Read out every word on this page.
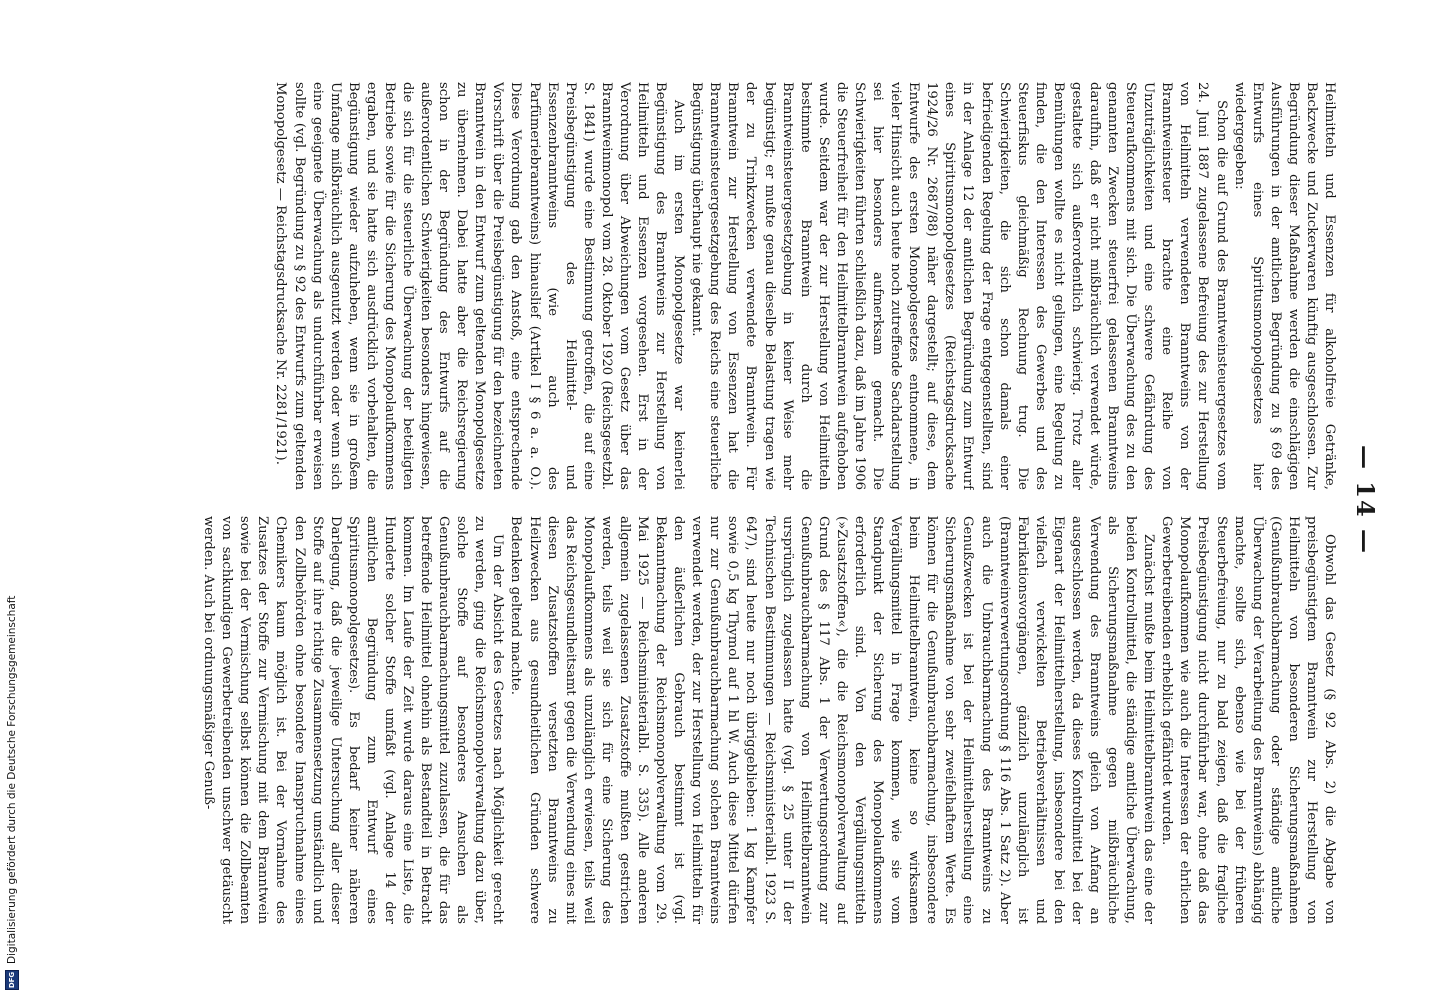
DFG
Digitalisierung gefördert durch die Deutsche Forschungsgemeinschaft
— 14 —

Heilmitteln und Essenzen für alkoholfreie Getränke, Backzwecke und Zuckerwaren künftig ausgeschlossen. Zur Begründung dieser Maßnahme werden die einschlägigen Ausführungen in der amtlichen Begründung zu § 69 des Entwurfs eines Spiritusmonopolgesetzes hier wiedergegeben:

Schon die auf Grund des Branntweinsteuergesetzes vom 24. Juni 1887 zugelassene Befreiung des zur Herstellung von Heilmitteln verwendeten Branntweins von der Branntweinsteuer brachte eine Reihe von Unzuträglichkeiten und eine schwere Gefährdung des Steueraufkommens mit sich. Die Überwachung des zu den genannten Zwecken steuerfrei gelassenen Branntweins daraufhin, daß er nicht mißbräuchlich verwendet würde, gestaltete sich außerordentlich schwierig. Trotz aller Bemühungen wollte es nicht gelingen, eine Regelung zu finden, die den Interessen des Gewerbes und des Steuerfiskus gleichmäßig Rechnung trug. Die Schwierigkeiten, die sich schon damals einer befriedigenden Regelung der Frage entgegenstellten, sind in der Anlage 12 der amtlichen Begründung zum Entwurf eines Spiritusmonopolgesetzes (Reichstagsdrucksache 1924/26 Nr. 2687/88) näher dargestellt; auf diese, dem Entwurfe des ersten Monopolgesetzes entnommene, in vieler Hinsicht auch heute noch zutreffende Sachdarstellung sei hier besonders aufmerksam gemacht. Die Schwierigkeiten führten schließlich dazu, daß im Jahre 1906 die Steuerfreiheit für den Heilmittelbranntwein aufgehoben wurde. Seitdem war der zur Herstellung von Heilmitteln bestimmte Branntwein durch die Branntweinsteuergesetzgebung in keiner Weise mehr begünstigt; er mußte genau dieselbe Belastung tragen wie der zu Trinkzwecken verwendete Branntwein. Für Branntwein zur Herstellung von Essenzen hat die Branntweinsteuergesetzgebung des Reichs eine steuerliche Begünstigung überhaupt nie gekannt.

Auch im ersten Monopolgesetze war keinerlei Begünstigung des Branntweins zur Herstellung von Heilmitteln und Essenzen vorgesehen. Erst in der Verordnung über Abweichungen vom Gesetz über das Branntweinmonopol vom 28. Oktober 1920 (Reichsgesetzbl. S. 1841) wurde eine Bestimmung getroffen, die auf eine Preisbegünstigung des Heilmittel- und Essenzenbranntweins (wie auch des Parfümeriebranntweins) hinauslief (Artikel I § 6 a. a. O.). Diese Verordnung gab den Anstoß, eine entsprechende Vorschrift über die Preisbegünstigung für den bezeichneten Branntwein in den Entwurf zum geltenden Monopolgesetze zu übernehmen. Dabei hatte aber die Reichsregierung schon in der Begründung des Entwurfs auf die außerordentlichen Schwierigkeiten besonders hingewiesen, die sich für die steuerliche Überwachung der beteiligten Betriebe sowie für die Sicherung des Monopolaufkommens ergaben, und sie hatte sich ausdrücklich vorbehalten, die Begünstigung wieder aufzuheben, wenn sie in großem Umfange mißbräuchlich ausgenutzt werden oder wenn sich eine geeignete Überwachung als undurchführbar erweisen sollte (vgl. Begründung zu § 92 des Entwurfs zum geltenden Monopolgesetz — Reichstagsdrucksache Nr. 2281/1921).

Obwohl das Gesetz (§ 92 Abs. 2) die Abgabe von preisbegünstigtem Branntwein zur Herstellung von Heilmitteln von besonderen Sicherungsmaßnahmen (Genußunbrauchbarmachung oder ständige amtliche Überwachung der Verarbeitung des Branntweins) abhängig machte, sollte sich, ebenso wie bei der früheren Steuerbefreiung, nur zu bald zeigen, daß die fragliche Preisbegünstigung nicht durchführbar war, ohne daß das Monopolaufkommen wie auch die Interessen der ehrlichen Gewerbetreibenden erheblich gefährdet wurden.

Zunächst mußte beim Heilmittelbranntwein das eine der beiden Kontrollmittel, die ständige amtliche Überwachung, als Sicherungsmaßnahme gegen mißbräuchliche Verwendung des Branntweins gleich von Anfang an ausgeschlossen werden, da dieses Kontrollmittel bei der Eigenart der Heilmittelherstellung, insbesondere bei den vielfach verwickelten Betriebsverhältnissen und Fabrikationsvorgängen, gänzlich unzulänglich ist (Branntweinverwertungsordnung § 116 Abs. 1 Satz 2). Aber auch die Unbrauchbarmachung des Branntweins zu Genußzwecken ist bei der Heilmittelherstellung eine Sicherungsmaßnahme von sehr zweifelhaftem Werte. Es können für die Genußunbrauchbarmachung, insbesondere beim Heilmittelbranntwein, keine so wirksamen Vergällungsmittel in Frage kommen, wie sie vom Standpunkt der Sicherung des Monopolaufkommens erforderlich sind. Von den Vergällungsmitteln (»Zusatzstoffen«), die die Reichsmonopolverwaltung auf Grund des § 117 Abs. 1 der Verwertungsordnung zur Genußunbrauchbarmachung von Heilmittelbranntwein ursprünglich zugelassen hatte (vgl. § 25 unter II der Technischen Bestimmungen — Reichsministerialbl. 1923 S. 647), sind heute nur noch übriggeblieben: 1 kg Kampfer sowie 0,5 kg Thymol auf 1 hl W. Auch diese Mittel dürfen nur zur Genußunbrauchbarmachung solchen Branntweins verwendet werden, der zur Herstellung von Heilmitteln für den äußerlichen Gebrauch bestimmt ist (vgl. Bekanntmachung der Reichsmonopolverwaltung vom 29. Mai 1925 — Reichsministerialbl. S. 335). Alle anderen allgemein zugelassenen Zusatzstoffe mußten gestrichen werden, teils weil sie sich für eine Sicherung des Monopolaufkommens als unzulänglich erwiesen, teils weil das Reichsgesundheitsamt gegen die Verwendung eines mit diesen Zusatzstoffen versetzten Branntweins zu Heilzwecken aus gesundheitlichen Gründen schwere Bedenken geltend machte.

Um der Absicht des Gesetzes nach Möglichkeit gerecht zu werden, ging die Reichsmonopolverwaltung dazu über, solche Stoffe auf besonderes Ansuchen als Genußunbrauchbarmachungsmittel zuzulassen, die für das betreffende Heilmittel ohnehin als Bestandteil in Betracht kommen. Im Laufe der Zeit wurde daraus eine Liste, die Hunderte solcher Stoffe umfaßt (vgl. Anlage 14 der amtlichen Begründung zum Entwurf eines Spiritusmonopolgesetzes). Es bedarf keiner näheren Darlegung, daß die jeweilige Untersuchung aller dieser Stoffe auf ihre richtige Zusammensetzung umständlich und den Zollbehörden ohne besondere Inanspruchnahme eines Chemikers kaum möglich ist. Bei der Vornahme des Zusatzes der Stoffe zur Vermischung mit dem Branntwein sowie bei der Vermischung selbst können die Zollbeamten von sachkundigen Gewerbetreibenden unschwer getäuscht werden. Auch bei ordnungsmäßiger Genuß-
